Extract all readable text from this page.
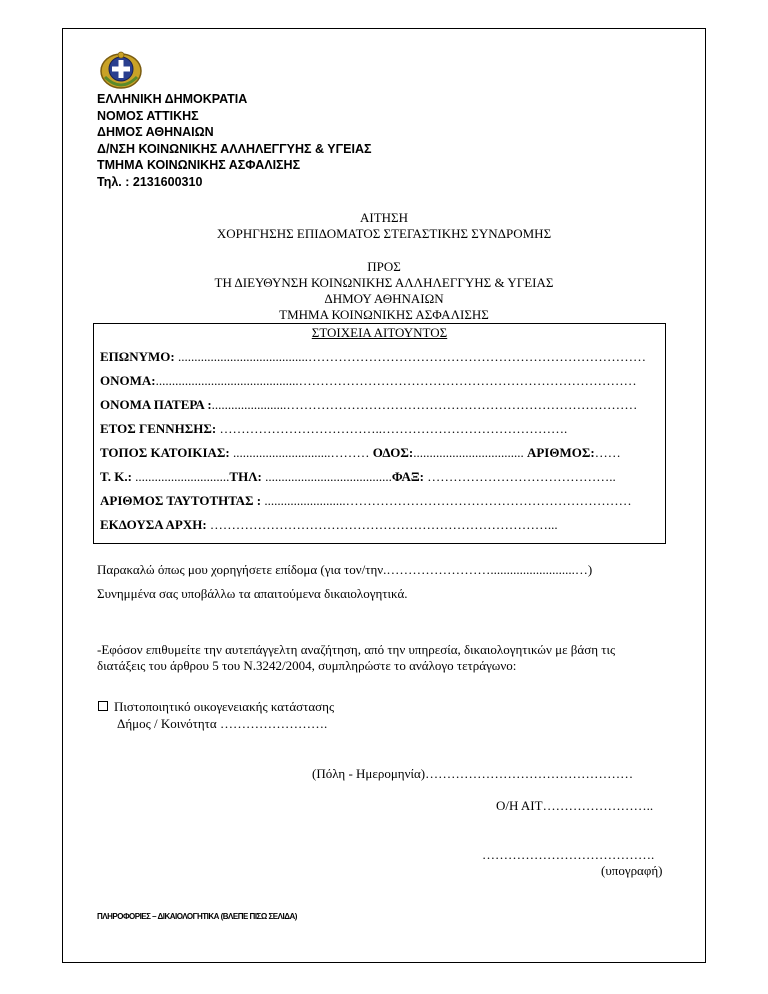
ΕΛΛΗΝΙΚΗ ΔΗΜΟΚΡΑΤΙΑ
ΝΟΜΟΣ ΑΤΤΙΚΗΣ
ΔΗΜΟΣ ΑΘΗΝΑΙΩΝ
Δ/ΝΣΗ ΚΟΙΝΩΝΙΚΗΣ ΑΛΛΗΛΕΓΓΥΗΣ & ΥΓΕΙΑΣ
ΤΜΗΜΑ ΚΟΙΝΩΝΙΚΗΣ ΑΣΦΑΛΙΣΗΣ
Τηλ. : 2131600310
ΑΙΤΗΣΗ
ΧΟΡΗΓΗΣΗΣ ΕΠΙΔΟΜΑΤΟΣ ΣΤΕΓΑΣΤΙΚΗΣ ΣΥΝΔΡΟΜΗΣ
ΠΡΟΣ
ΤΗ ΔΙΕΥΘΥΝΣΗ ΚΟΙΝΩΝΙΚΗΣ ΑΛΛΗΛΕΓΓΥΗΣ & ΥΓΕΙΑΣ
ΔΗΜΟΥ ΑΘΗΝΑΙΩΝ
ΤΜΗΜΑ ΚΟΙΝΩΝΙΚΗΣ ΑΣΦΑΛΙΣΗΣ
ΣΤΟΙΧΕΙΑ ΑΙΤΟΥΝΤΟΣ
ΕΠΩΝΥΜΟ: ........................................……………………………………………………………………
ΟΝΟΜΑ:............................................……………………………………………………………………
ΟΝΟΜΑ ΠΑΤΕΡΑ :.......................………………………………………………………………………
ΕΤΟΣ ΓΕΝΝΗΣΗΣ: ………………………………..…………………………………….
ΤΟΠΟΣ ΚΑΤΟΙΚΙΑΣ: ..............................……… ΟΔΟΣ:.................................. ΑΡΙΘΜΟΣ:……
Τ. Κ.: .............................ΤΗΛ: .......................................ΦΑΞ: ……………………………………..
ΑΡΙΘΜΟΣ ΤΑΥΤΟΤΗΤΑΣ : .........................…………………………………………………………
ΕΚΔΟΥΣΑ ΑΡΧΗ: ……………………………………………………………………...
Παρακαλώ όπως μου χορηγήσετε επίδομα (για τον/την.……………………..........................…)
Συνημμένα σας υποβάλλω τα απαιτούμενα δικαιολογητικά.
-Εφόσον επιθυμείτε την αυτεπάγγελτη αναζήτηση, από την υπηρεσία, δικαιολογητικών με βάση τις
διατάξεις του άρθρου 5 του Ν.3242/2004, συμπληρώστε το ανάλογο τετράγωνο:
Πιστοποιητικό οικογενειακής κατάστασης
Δήμος / Κοινότητα …………………….
(Πόλη - Ημερομηνία)…………………………………………
Ο/Η ΑΙΤ……………………..
………………………………….
(υπογραφή)
ΠΛΗΡΟΦΟΡΙΕΣ – ΔΙΚΑΙΟΛΟΓΗΤΙΚΑ (ΒΛΕΠΕ ΠΙΣΩ ΣΕΛΙΔΑ)
